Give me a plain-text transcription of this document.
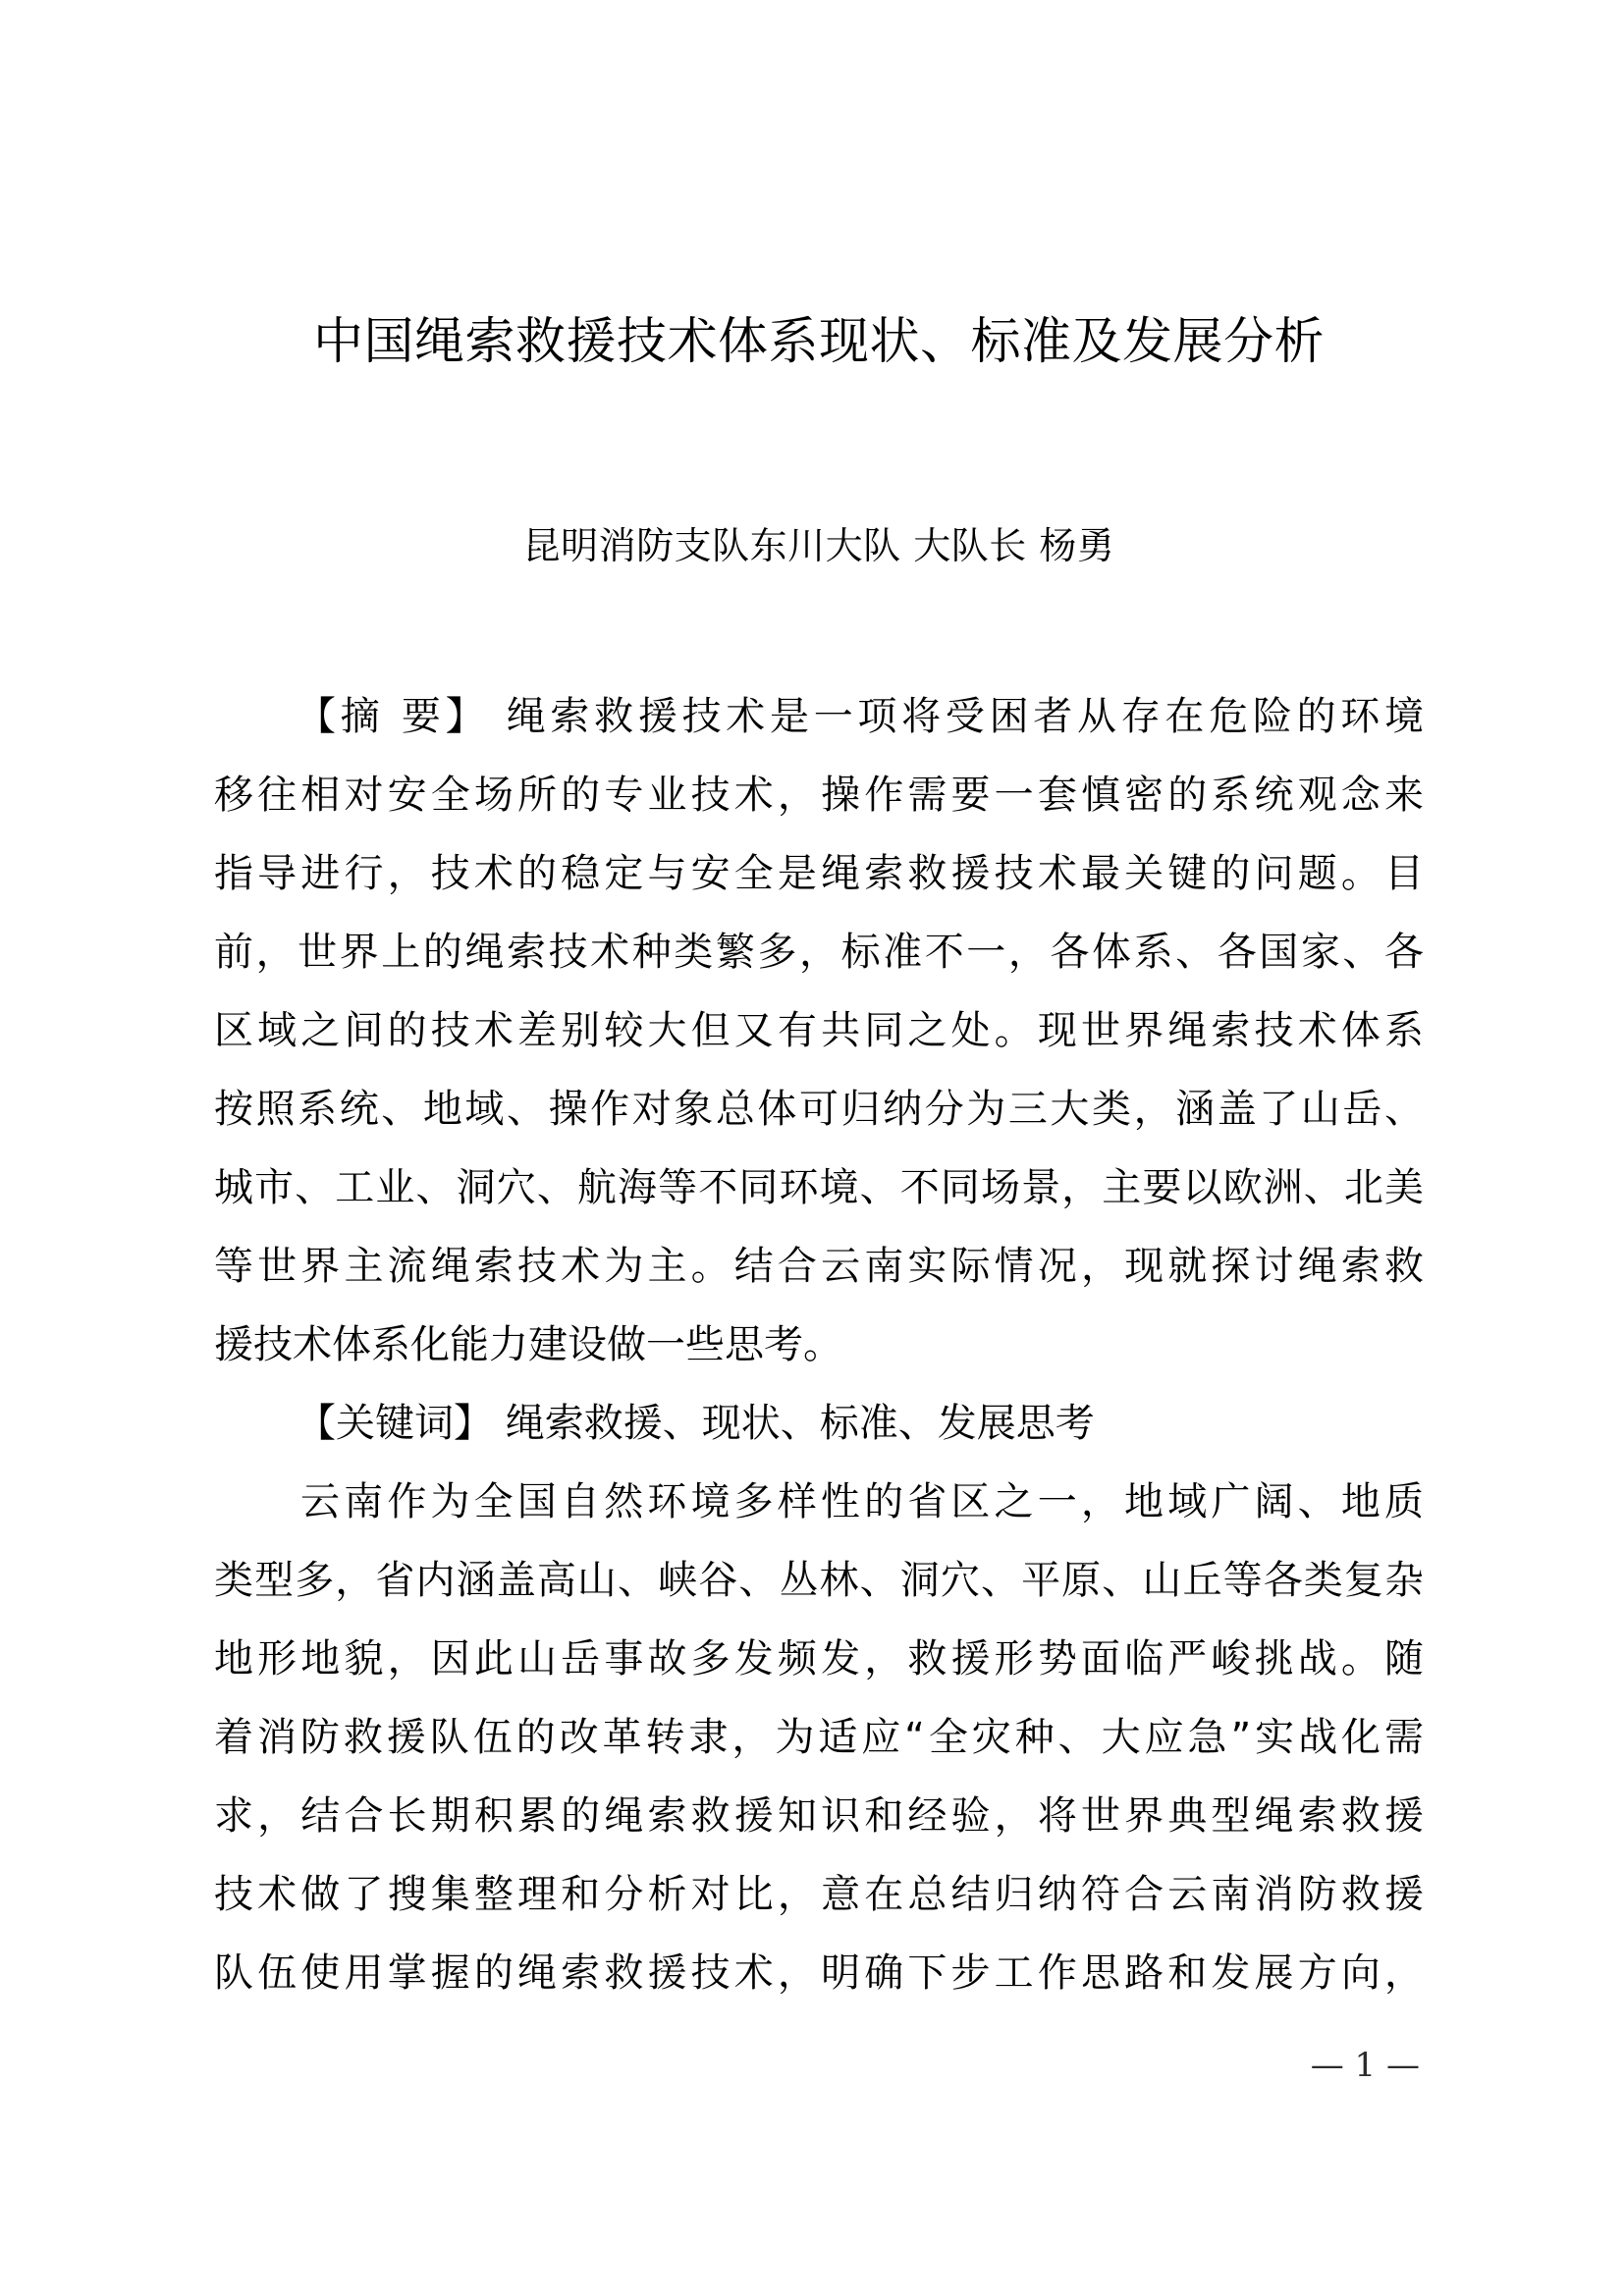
中国绳索救援技术体系现状、标准及发展分析
昆明消防支队东川大队 大队长 杨勇
【摘 要】 绳索救援技术是一项将受困者从存在危险的环境
移往相对安全场所的专业技术，操作需要一套慎密的系统观念来
指导进行，技术的稳定与安全是绳索救援技术最关键的问题。目
前，世界上的绳索技术种类繁多，标准不一，各体系、各国家、各
区域之间的技术差别较大但又有共同之处。现世界绳索技术体系
按照系统、地域、操作对象总体可归纳分为三大类，涵盖了山岳、
城市、工业、洞穴、航海等不同环境、不同场景，主要以欧洲、北美
等世界主流绳索技术为主。结合云南实际情况，现就探讨绳索救
援技术体系化能力建设做一些思考。
【关键词】 绳索救援、现状、标准、发展思考
云南作为全国自然环境多样性的省区之一，地域广阔、地质
类型多，省内涵盖高山、峡谷、丛林、洞穴、平原、山丘等各类复杂
地形地貌，因此山岳事故多发频发，救援形势面临严峻挑战。随
着消防救援队伍的改革转隶，为适应“全灾种、大应急”实战化需
求，结合长期积累的绳索救援知识和经验，将世界典型绳索救援
技术做了搜集整理和分析对比，意在总结归纳符合云南消防救援
队伍使用掌握的绳索救援技术，明确下步工作思路和发展方向，
— 1 —
